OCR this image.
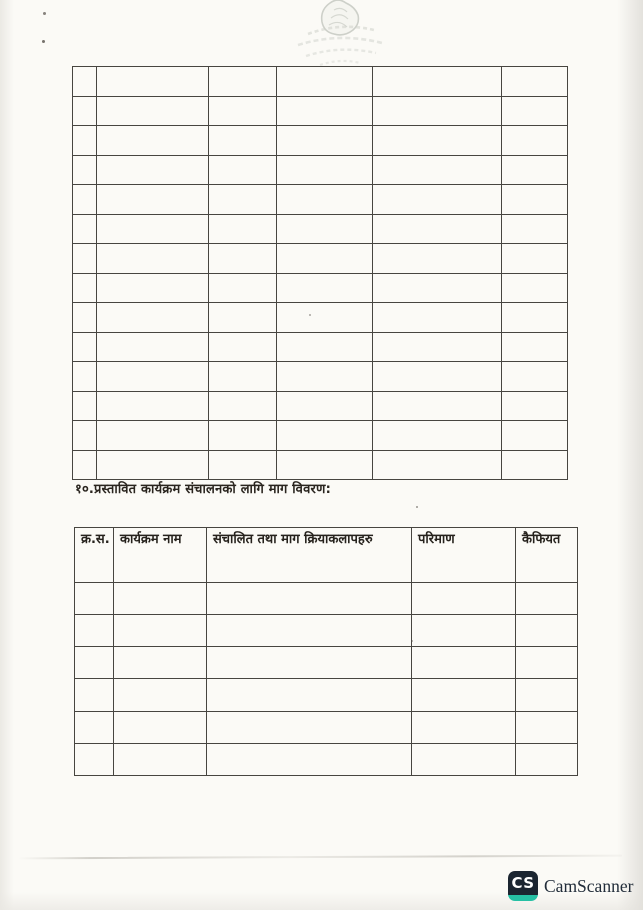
१०.प्रस्तावित कार्यक्रम संचालनको लागि माग विवरण:
क्र.स.	कार्यक्रम नाम	संचालित तथा माग क्रियाकलापहरु	परिमाण	कैफियत

CS CamScanner
